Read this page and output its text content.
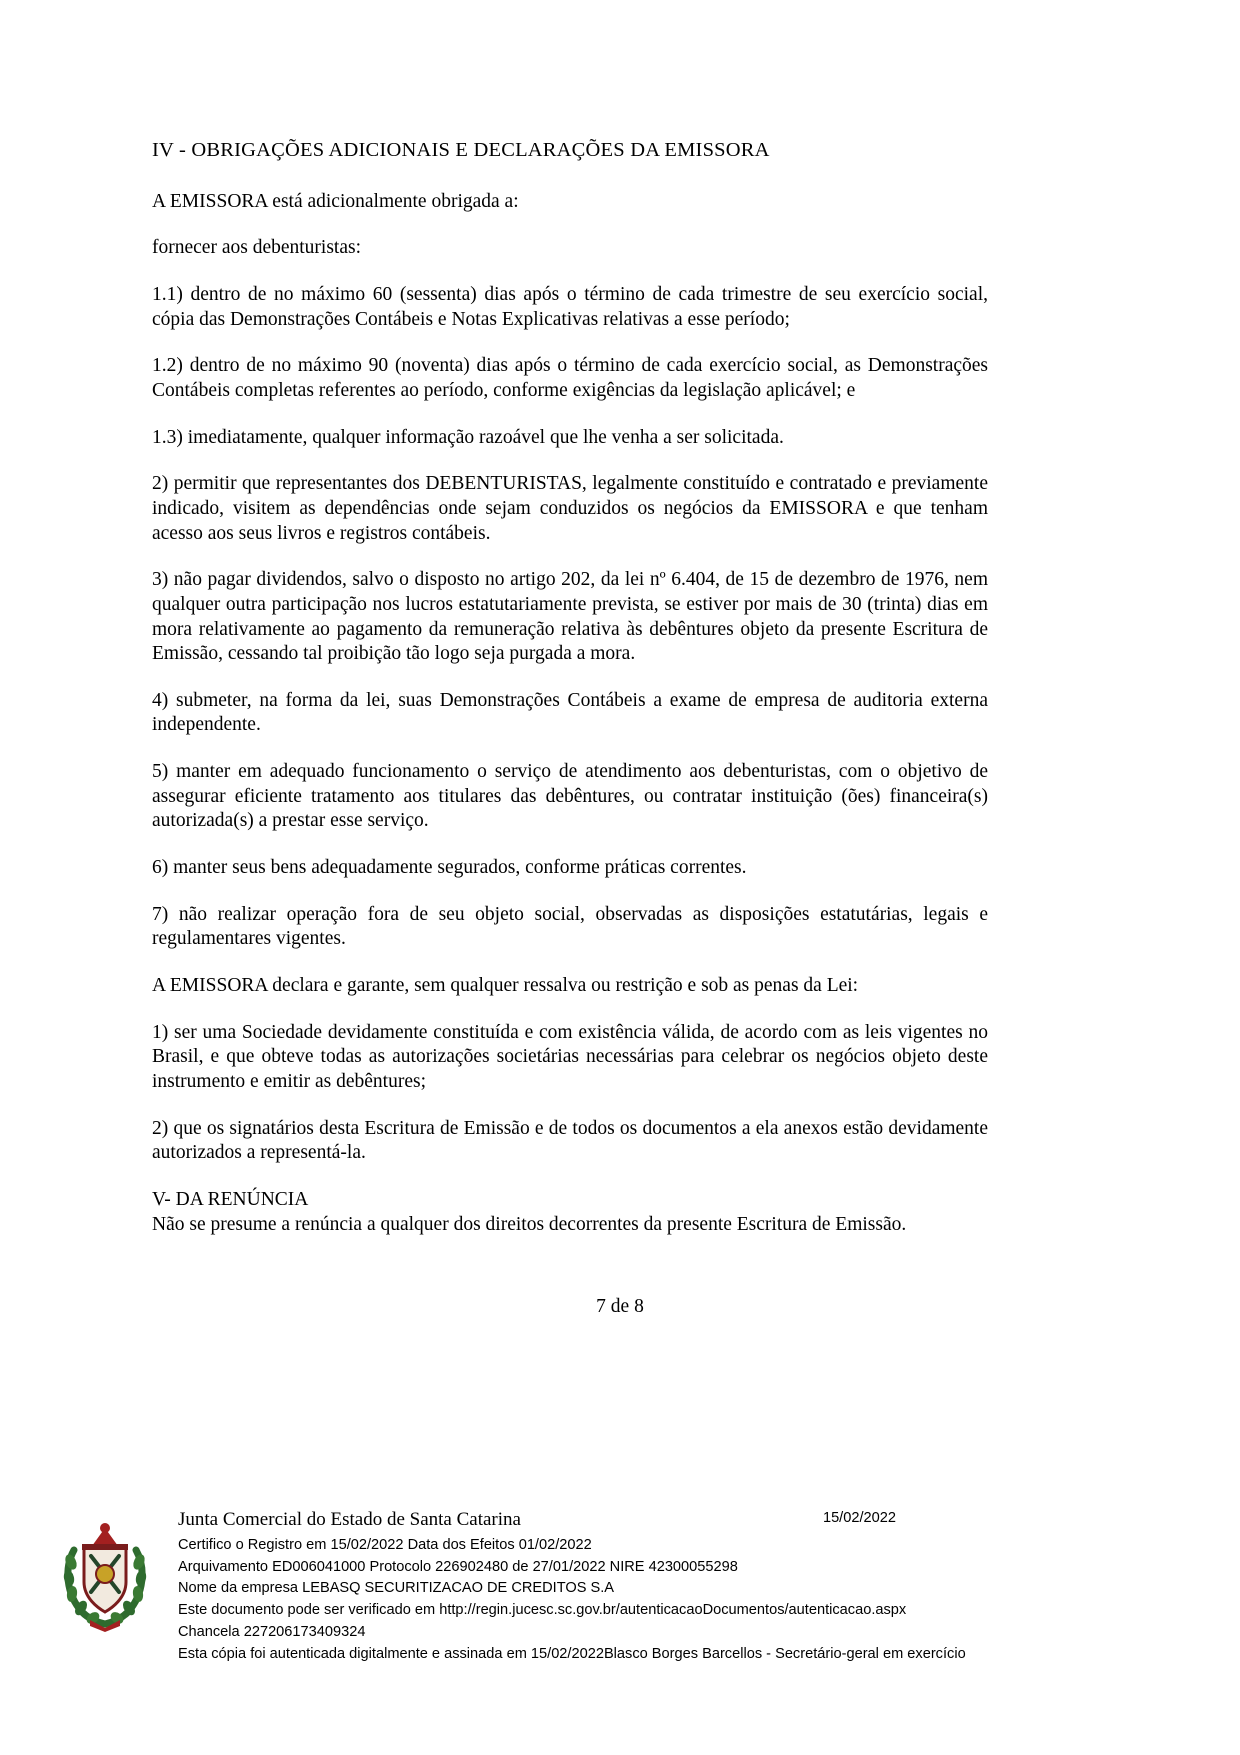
IV - OBRIGAÇÕES ADICIONAIS E DECLARAÇÕES DA EMISSORA

A EMISSORA está adicionalmente obrigada a:

fornecer aos debenturistas:

1.1) dentro de no máximo 60 (sessenta) dias após o término de cada trimestre de seu exercício social, cópia das Demonstrações Contábeis e Notas Explicativas relativas a esse período;

1.2) dentro de no máximo 90 (noventa) dias após o término de cada exercício social, as Demonstrações Contábeis completas referentes ao período, conforme exigências da legislação aplicável; e

1.3) imediatamente, qualquer informação razoável que lhe venha a ser solicitada.

2) permitir que representantes dos DEBENTURISTAS, legalmente constituído e contratado e previamente indicado, visitem as dependências onde sejam conduzidos os negócios da EMISSORA e que tenham acesso aos seus livros e registros contábeis.

3) não pagar dividendos, salvo o disposto no artigo 202, da lei nº 6.404, de 15 de dezembro de 1976, nem qualquer outra participação nos lucros estatutariamente prevista, se estiver por mais de 30 (trinta) dias em mora relativamente ao pagamento da remuneração relativa às debêntures objeto da presente Escritura de Emissão, cessando tal proibição tão logo seja purgada a mora.

4) submeter, na forma da lei, suas Demonstrações Contábeis a exame de empresa de auditoria externa independente.

5) manter em adequado funcionamento o serviço de atendimento aos debenturistas, com o objetivo de assegurar eficiente tratamento aos titulares das debêntures, ou contratar instituição (ões) financeira(s) autorizada(s) a prestar esse serviço.

6) manter seus bens adequadamente segurados, conforme práticas correntes.

7) não realizar operação fora de seu objeto social, observadas as disposições estatutárias, legais e regulamentares vigentes.

A EMISSORA declara e garante, sem qualquer ressalva ou restrição e sob as penas da Lei:

1) ser uma Sociedade devidamente constituída e com existência válida, de acordo com as leis vigentes no Brasil, e que obteve todas as autorizações societárias necessárias para celebrar os negócios objeto deste instrumento e emitir as debêntures;

2) que os signatários desta Escritura de Emissão e de todos os documentos a ela anexos estão devidamente autorizados a representá-la.

V- DA RENÚNCIA

Não se presume a renúncia a qualquer dos direitos decorrentes da presente Escritura de Emissão.

7 de 8
Junta Comercial do Estado de Santa Catarina	15/02/2022
Certifico o Registro em 15/02/2022 Data dos Efeitos 01/02/2022
Arquivamento ED006041000 Protocolo 226902480 de 27/01/2022 NIRE 42300055298
Nome da empresa LEBASQ SECURITIZACAO DE CREDITOS S.A
Este documento pode ser verificado em http://regin.jucesc.sc.gov.br/autenticacaoDocumentos/autenticacao.aspx
Chancela 227206173409324
Esta cópia foi autenticada digitalmente e assinada em 15/02/2022Blasco Borges Barcellos - Secretário-geral em exercício
